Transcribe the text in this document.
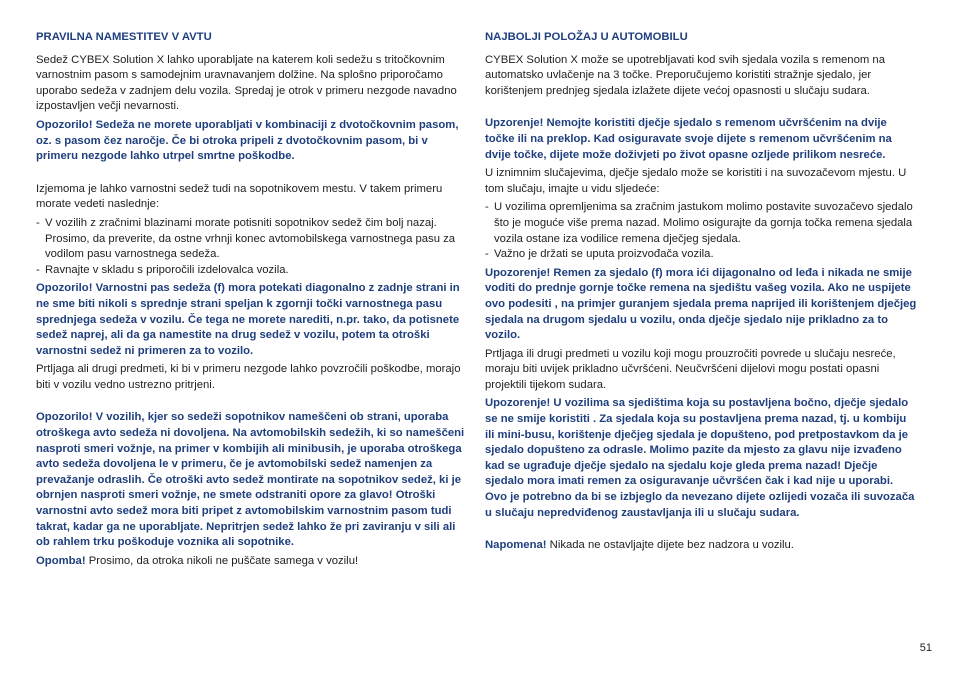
PRAVILNA NAMESTITEV V AVTU

Sedež CYBEX Solution X lahko uporabljate na katerem koli sedežu s tritočkovnim varnostnim pasom s samodejnim uravnavanjem dolžine. Na splošno priporočamo uporabo sedeža v zadnjem delu vozila. Spredaj je otrok v primeru nezgode navadno izpostavljen večji nevarnosti.

Opozorilo! Sedeža ne morete uporabljati v kombinaciji z dvotočkovnim pasom, oz. s pasom čez naročje. Če bi otroka pripeli z dvotočkovnim pasom, bi v primeru nezgode lahko utrpel smrtne poškodbe.

Izjemoma je lahko varnostni sedež tudi na sopotnikovem mestu. V takem primeru morate vedeti naslednje:

- V vozilih z zračnimi blazinami morate potisniti sopotnikov sedež čim bolj nazaj. Prosimo, da preverite, da ostne vrhnji konec avtomobilskega varnostnega pasu za vodilom pasu varnostnega sedeža.
- Ravnajte v skladu s priporočili izdelovalca vozila.

Opozorilo! Varnostni pas sedeža (f) mora potekati diagonalno z zadnje strani in ne sme biti nikoli s sprednje strani speljan k zgornji točki varnostnega pasu sprednjega sedeža v vozilu. Če tega ne morete narediti, n.pr. tako, da potisnete sedež naprej, ali da ga namestite na drug sedež v vozilu, potem ta otroški varnostni sedež ni primeren za to vozilo.

Prtljaga ali drugi predmeti, ki bi v primeru nezgode lahko povzročili poškodbe, morajo biti v vozilu vedno ustrezno pritrjeni.

Opozorilo! V vozilih, kjer so sedeži sopotnikov nameščeni ob strani, uporaba otroškega avto sedeža ni dovoljena. Na avtomobilskih sedežih, ki so nameščeni nasproti smeri vožnje, na primer v kombijih ali minibusih, je uporaba otroškega avto sedeža dovoljena le v primeru, če je avtomobilski sedež namenjen za prevažanje odraslih. Če otroški avto sedež montirate na sopotnikov sedež, ki je obrnjen nasproti smeri vožnje, ne smete odstraniti opore za glavo! Otroški varnostni avto sedež mora biti pripet z avtomobilskim varnostnim pasom tudi takrat, kadar ga ne uporabljate. Nepritrjen sedež lahko že pri zaviranju v sili ali ob rahlem trku poškoduje voznika ali sopotnike.

Opomba! Prosimo, da otroka nikoli ne puščate samega v vozilu!

NAJBOLJI POLOŽAJ U AUTOMOBILU

CYBEX Solution X može se upotrebljavati kod svih sjedala vozila s remenom na automatsko uvlačenje na 3 točke. Preporučujemo koristiti stražnje sjedalo, jer korištenjem prednjeg sjedala izlažete dijete većoj opasnosti u slučaju sudara.

Upzorenje! Nemojte koristiti dječje sjedalo s remenom učvršćenim na dvije točke ili na preklop. Kad osiguravate svoje dijete s remenom učvršćenim na dvije točke, dijete može doživjeti po život opasne ozljede prilikom nesreće.

U iznimnim slučajevima, dječje sjedalo može se koristiti i na suvozačevom mjestu. U tom slučaju, imajte u vidu sljedeće:

- U vozilima opremljenima sa zračnim jastukom molimo postavite suvozačevo sjedalo što je moguće više prema nazad. Molimo osigurajte da gornja točka remena sjedala vozila ostane iza vodilice remena dječjeg sjedala.
- Važno je držati se uputa proizvođača vozila.

Upozorenje! Remen za sjedalo (f) mora ići dijagonalno od leđa i nikada ne smije voditi do prednje gornje točke remena na sjedištu vašeg vozila. Ako ne uspijete ovo podesiti , na primjer guranjem sjedala prema naprijed ili korištenjem dječjeg sjedala na drugom sjedalu u vozilu, onda dječje sjedalo nije prikladno za to vozilo.

Prtljaga ili drugi predmeti u vozilu koji mogu prouzročiti povrede u slučaju nesreće, moraju biti uvijek prikladno učvršćeni. Neučvršćeni dijelovi mogu postati opasni projektili tijekom sudara.

Upozorenje! U vozilima sa sjedištima koja su postavljena bočno, dječje sjedalo se ne smije koristiti . Za sjedala koja su postavljena prema nazad, tj. u kombiju ili mini-busu, korištenje dječjeg sjedala je dopušteno, pod pretpostavkom da je sjedalo dopušteno za odrasle. Molimo pazite da mjesto za glavu nije izvađeno kad se ugrađuje dječje sjedalo na sjedalu koje gleda prema nazad! Dječje sjedalo mora imati remen za osiguravanje učvršćen čak i kad nije u uporabi. Ovo je potrebno da bi se izbjeglo da nevezano dijete ozlijedi vozača ili suvozača u slučaju nepredviđenog zaustavljanja ili u slučaju sudara.

Napomena! Nikada ne ostavljajte dijete bez nadzora u vozilu.

51
